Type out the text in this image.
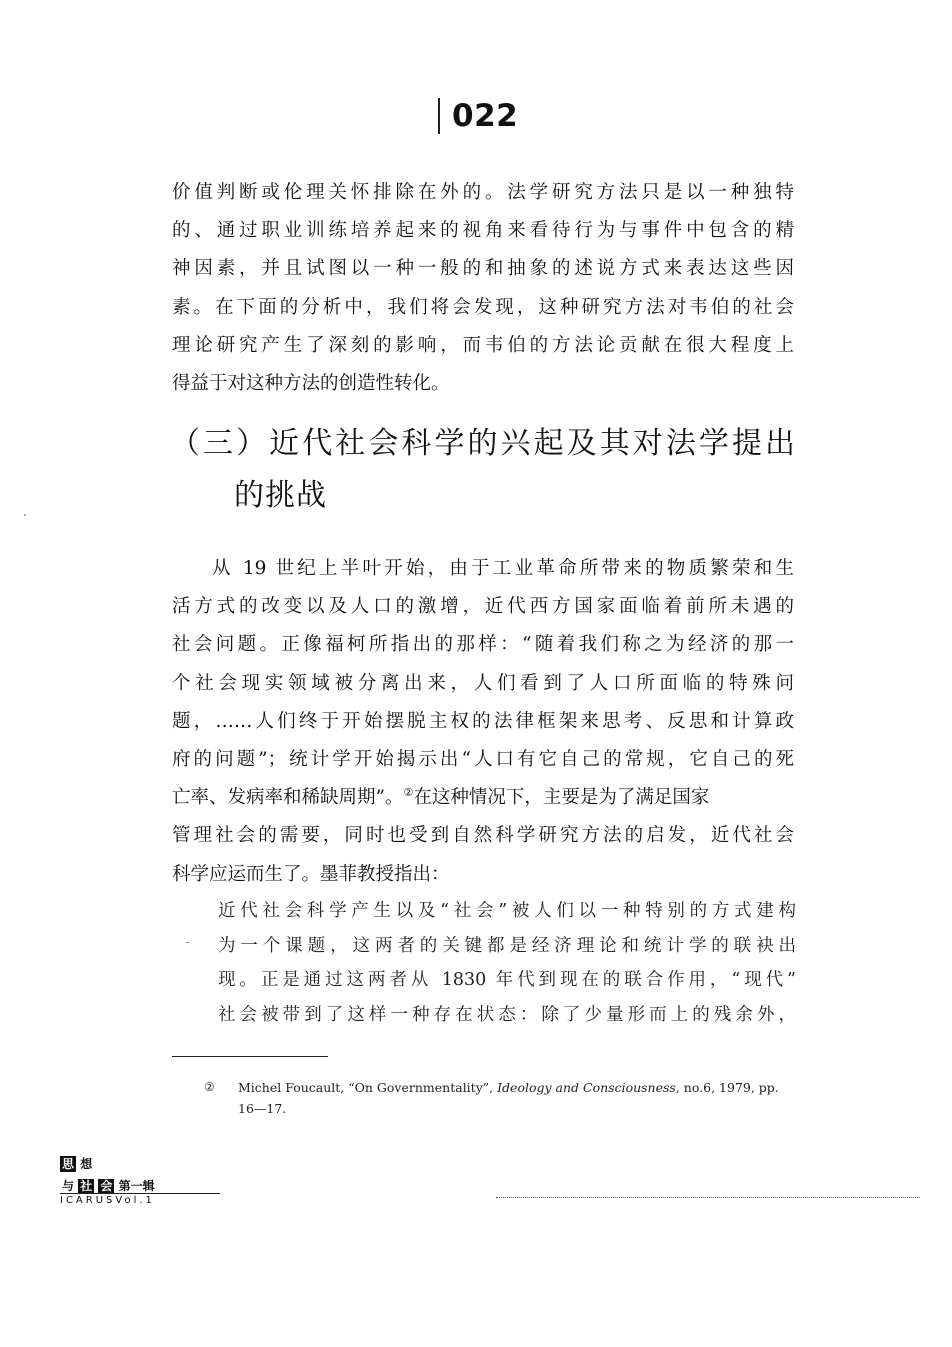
022
价值判断或伦理关怀排除在外的。法学研究方法只是以一种独特
的、通过职业训练培养起来的视角来看待行为与事件中包含的精
神因素，并且试图以一种一般的和抽象的述说方式来表达这些因
素。在下面的分析中，我们将会发现，这种研究方法对韦伯的社会
理论研究产生了深刻的影响，而韦伯的方法论贡献在很大程度上
得益于对这种方法的创造性转化。
（三）近代社会科学的兴起及其对法学提出
的挑战
从 19 世纪上半叶开始，由于工业革命所带来的物质繁荣和生
活方式的改变以及人口的激增，近代西方国家面临着前所未遇的
社会问题。正像福柯所指出的那样：“随着我们称之为经济的那一
个社会现实领域被分离出来，人们看到了人口所面临的特殊问
题，……人们终于开始摆脱主权的法律框架来思考、反思和计算政
府的问题”；统计学开始揭示出“人口有它自己的常规，它自己的死
亡率、发病率和稀缺周期”。②在这种情况下，主要是为了满足国家
管理社会的需要，同时也受到自然科学研究方法的启发，近代社会
科学应运而生了。墨菲教授指出：
近代社会科学产生以及“社会”被人们以一种特别的方式建构
为一个课题，这两者的关键都是经济理论和统计学的联袂出
现。正是通过这两者从 1830 年代到现在的联合作用，“现代”
社会被带到了这样一种存在状态：除了少量形而上的残余外，
② Michel Foucault, “On Governmentality”, Ideology and Consciousness, no.6, 1979, pp.
16—17.
思 想
与 社 会 第一辑
ICARUSVol.1
